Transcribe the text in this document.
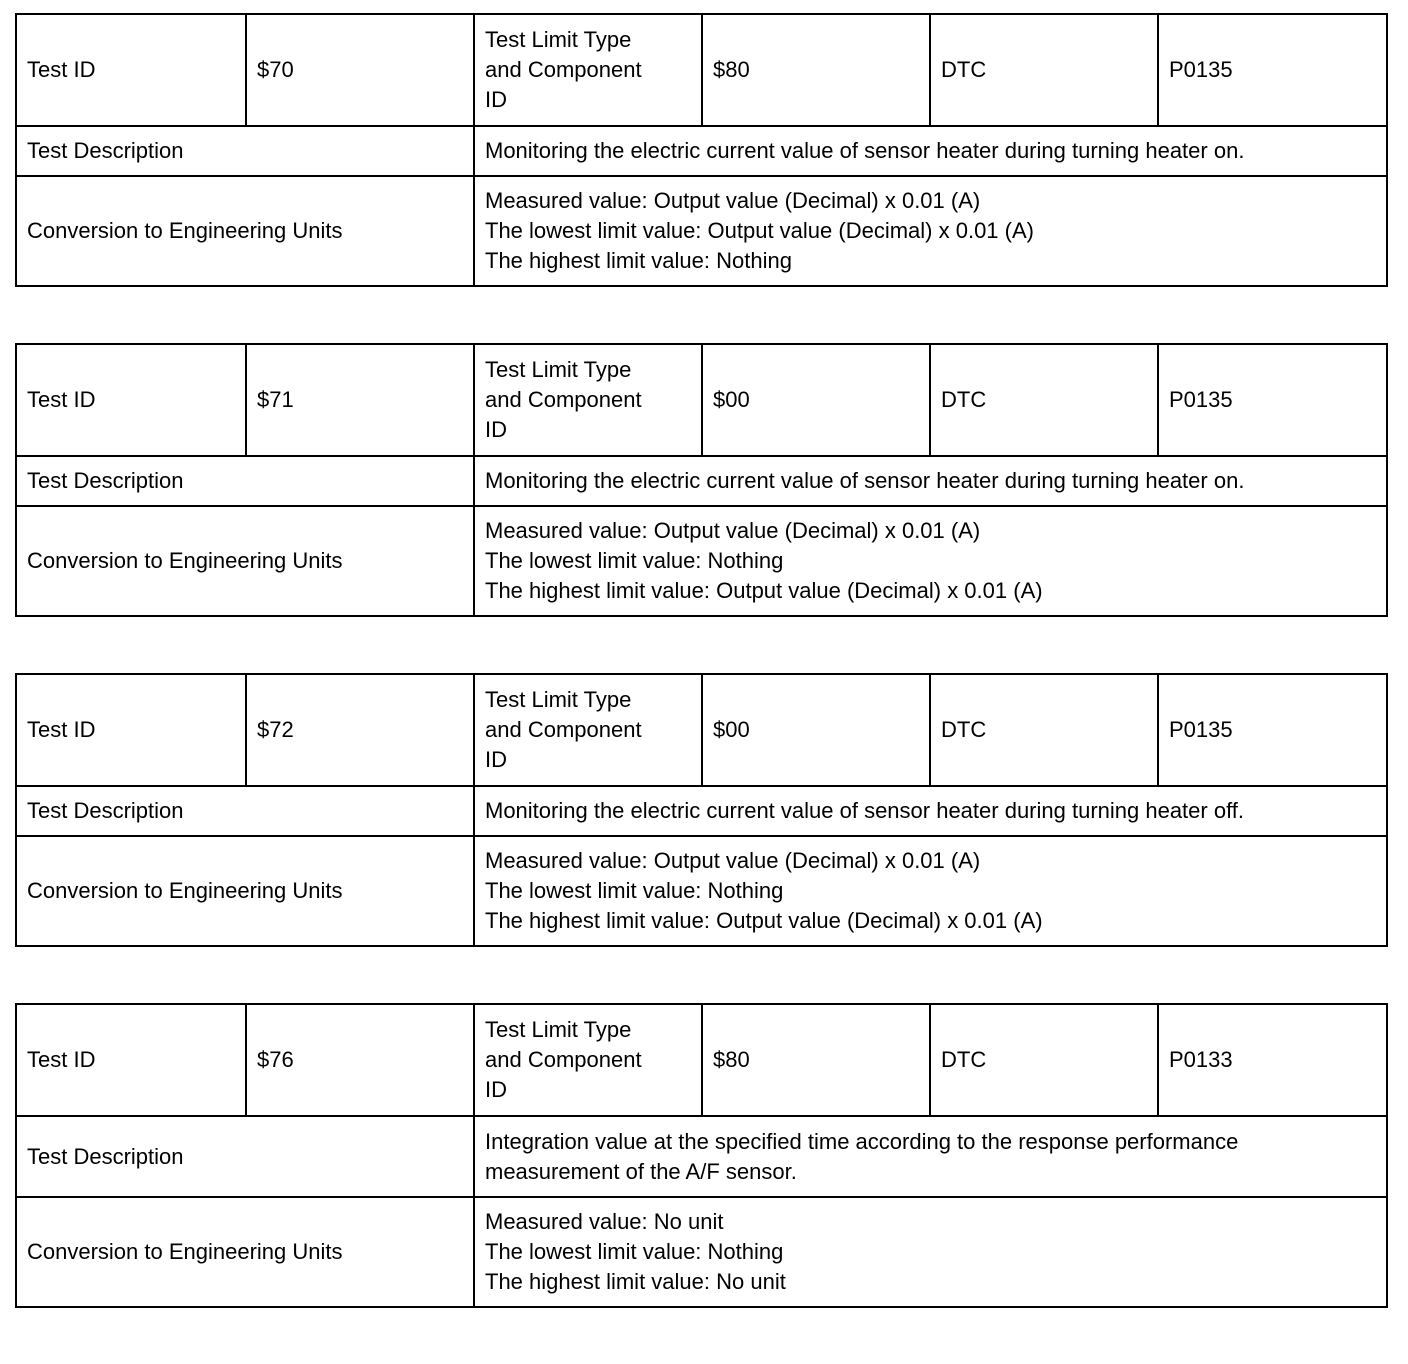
Test ID	$70	Test Limit Type
and Component
ID	$80	DTC	P0135
Test Description		Monitoring the electric current value of sensor heater during turning heater on.			
Conversion to Engineering Units		Measured value: Output value (Decimal) x 0.01 (A)
The lowest limit value: Output value (Decimal) x 0.01 (A)
The highest limit value: Nothing			
Test ID	$71	Test Limit Type
and Component
ID	$00	DTC	P0135
Test Description		Monitoring the electric current value of sensor heater during turning heater on.			
Conversion to Engineering Units		Measured value: Output value (Decimal) x 0.01 (A)
The lowest limit value: Nothing
The highest limit value: Output value (Decimal) x 0.01 (A)			
Test ID	$72	Test Limit Type
and Component
ID	$00	DTC	P0135
Test Description		Monitoring the electric current value of sensor heater during turning heater off.			
Conversion to Engineering Units		Measured value: Output value (Decimal) x 0.01 (A)
The lowest limit value: Nothing
The highest limit value: Output value (Decimal) x 0.01 (A)			
Test ID	$76	Test Limit Type
and Component
ID	$80	DTC	P0133
Test Description		Integration value at the specified time according to the response performance measurement of the A/F sensor.			
Conversion to Engineering Units		Measured value: No unit
The lowest limit value: Nothing
The highest limit value: No unit			
